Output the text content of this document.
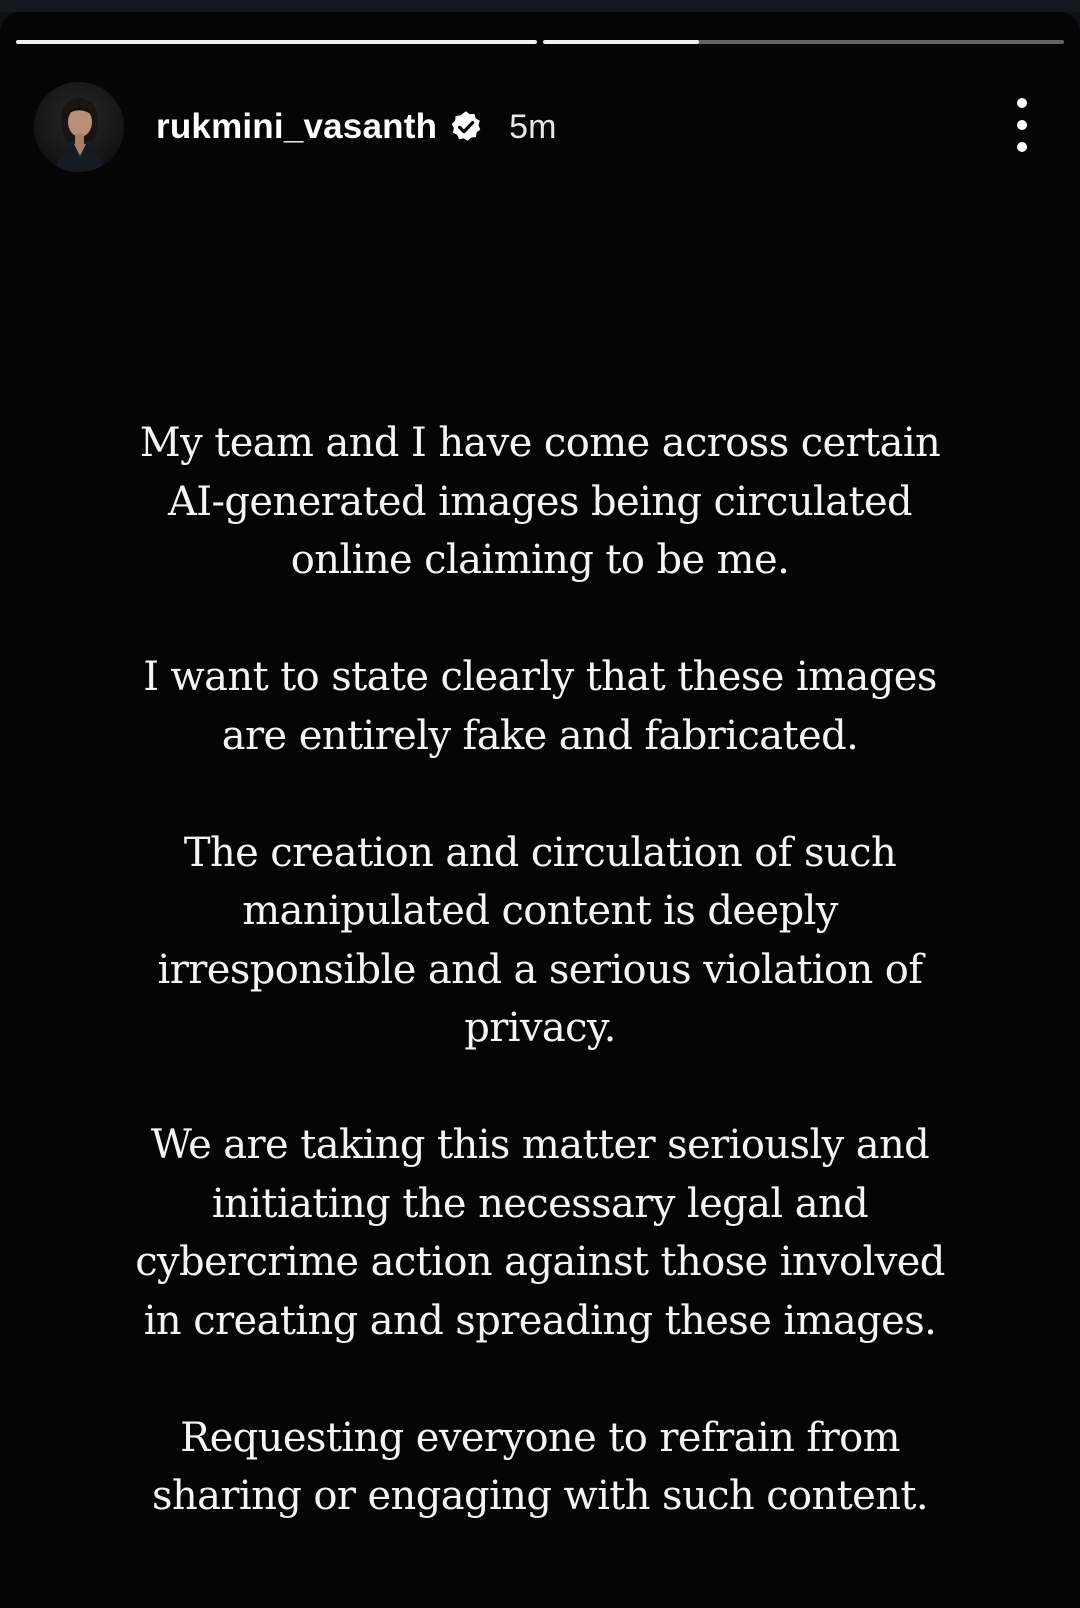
rukmini_vasanth 5m

My team and I have come across certain
AI-generated images being circulated
online claiming to be me.

I want to state clearly that these images
are entirely fake and fabricated.

The creation and circulation of such
manipulated content is deeply
irresponsible and a serious violation of
privacy.

We are taking this matter seriously and
initiating the necessary legal and
cybercrime action against those involved
in creating and spreading these images.

Requesting everyone to refrain from
sharing or engaging with such content.
